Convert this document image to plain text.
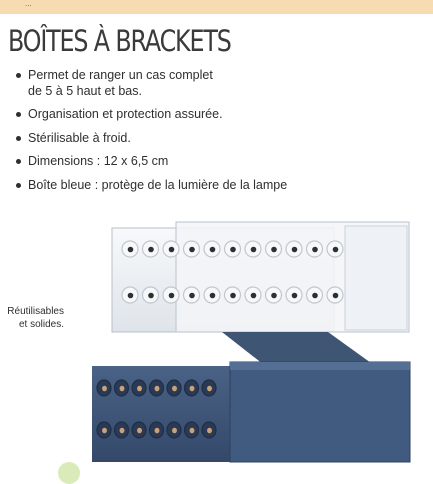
...
BOÎTES À BRACKETS
Permet de ranger un cas complet
de 5 à 5 haut et bas.
Organisation et protection assurée.
Stérilisable à froid.
Dimensions : 12 x 6,5 cm
Boîte bleue : protège de la lumière de la lampe
Réutilisables
et solides.
